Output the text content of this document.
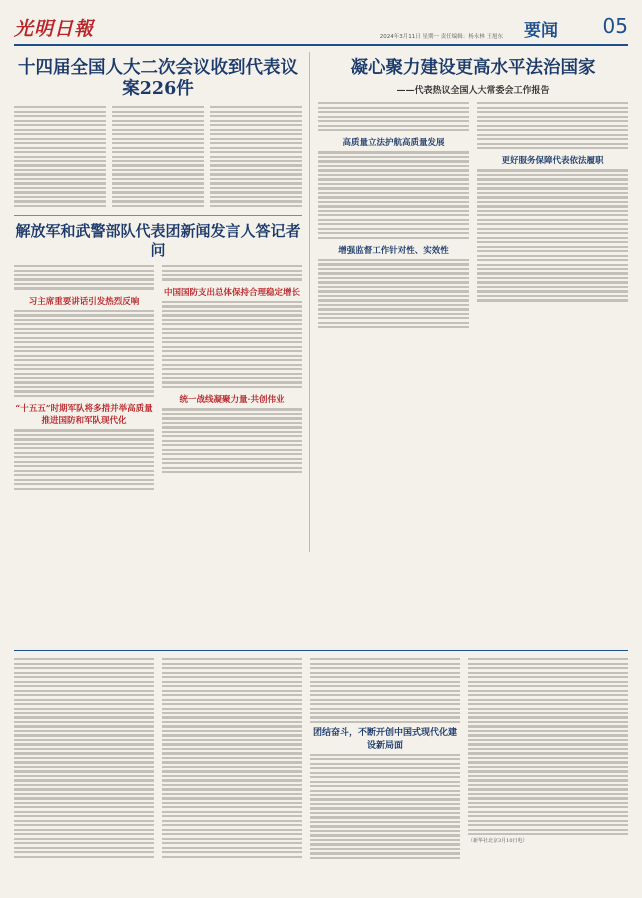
光明日報	2024年3月11日 星期一 责任编辑：杨永林 王旭东 要闻 05
十四届全国人大二次会议收到代表议案226件
解放军和武警部队代表团新闻发言人答记者问
习主席重要讲话引发热烈反响
“十五五”时期军队将多措并举高质量推进国防和军队现代化
中国国防支出总体保持合理稳定增长
统一战线凝聚力量·共创伟业
凝心聚力建设更高水平法治国家
——代表热议全国人大常委会工作报告
高质量立法护航高质量发展
增强监督工作针对性、实效性
更好服务保障代表依法履职
团结奋斗，不断开创中国式现代化建设新局面
（新华社北京3月10日电）
